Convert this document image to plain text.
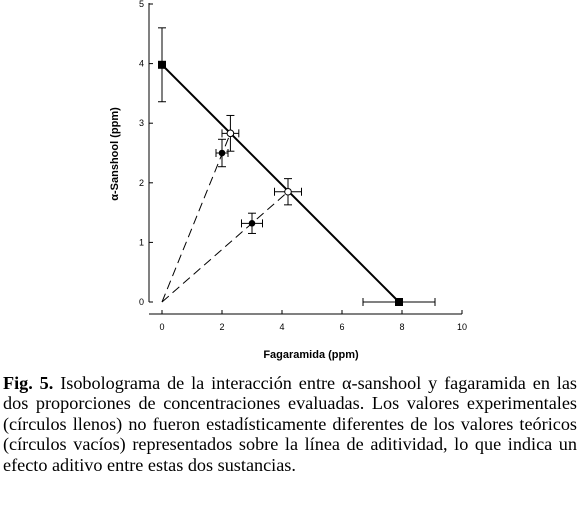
0
1
2
3
4
5
0	2	4	6	8	10
Fagaramida (ppm)
α-Sanshool (ppm)

Fig. 5. Isobolograma de la interacción entre α-sanshool y fagaramida en las dos proporciones de concentraciones evaluadas. Los valores experimentales (círculos llenos) no fueron estadísticamente diferentes de los valores teóricos (círculos vacíos) representados sobre la línea de aditividad, lo que indica un efecto aditivo entre estas dos sustancias.
